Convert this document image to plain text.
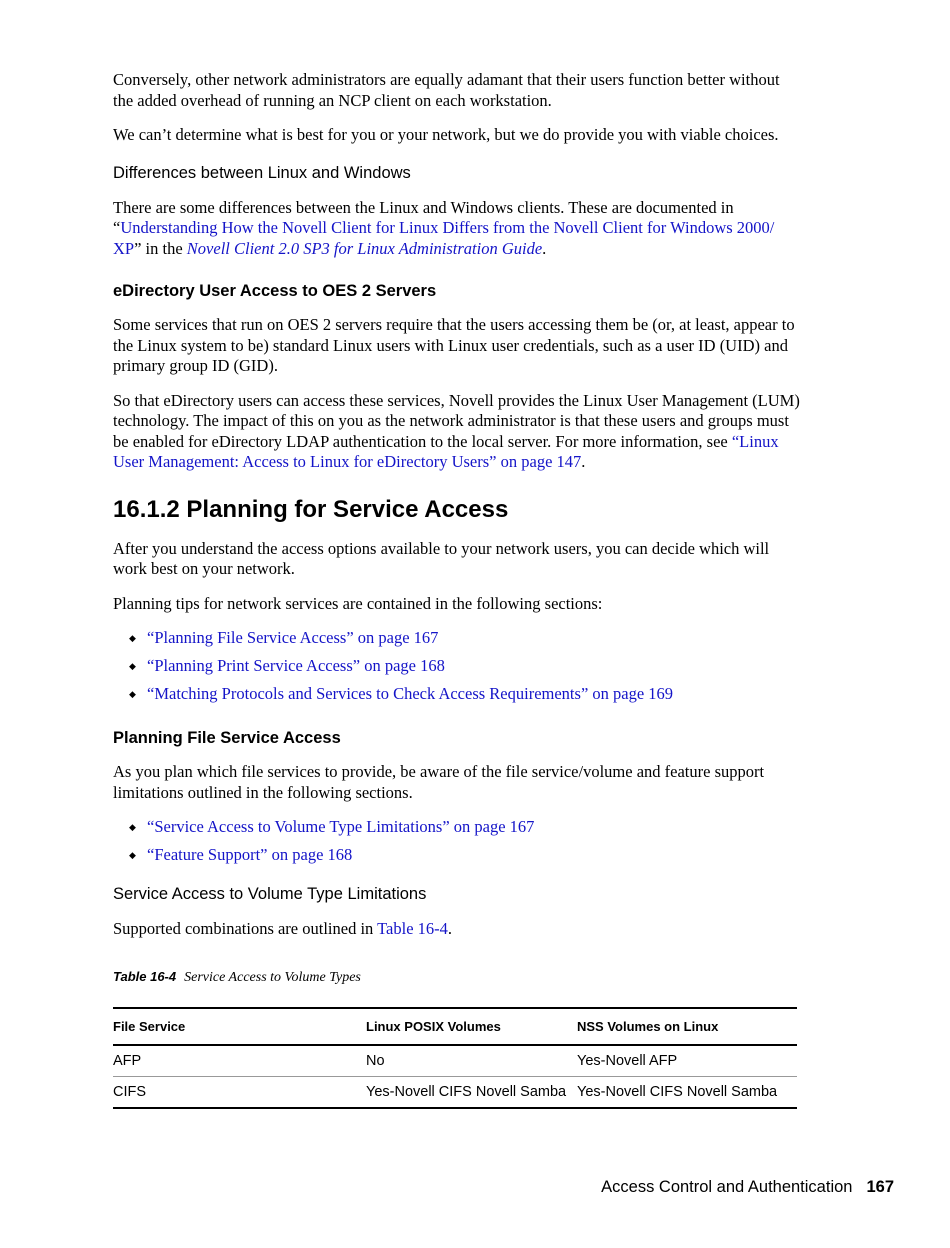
Conversely, other network administrators are equally adamant that their users function better without the added overhead of running an NCP client on each workstation.

We can’t determine what is best for you or your network, but we do provide you with viable choices.

Differences between Linux and Windows

There are some differences between the Linux and Windows clients. These are documented in “Understanding How the Novell Client for Linux Differs from the Novell Client for Windows 2000/ XP” in the Novell Client 2.0 SP3 for Linux Administration Guide.

eDirectory User Access to OES 2 Servers

Some services that run on OES 2 servers require that the users accessing them be (or, at least, appear to the Linux system to be) standard Linux users with Linux user credentials, such as a user ID (UID) and primary group ID (GID).

So that eDirectory users can access these services, Novell provides the Linux User Management (LUM) technology. The impact of this on you as the network administrator is that these users and groups must be enabled for eDirectory LDAP authentication to the local server. For more information, see “Linux User Management: Access to Linux for eDirectory Users” on page 147.

16.1.2 Planning for Service Access

After you understand the access options available to your network users, you can decide which will work best on your network.

Planning tips for network services are contained in the following sections:

◆ “Planning File Service Access” on page 167
◆ “Planning Print Service Access” on page 168
◆ “Matching Protocols and Services to Check Access Requirements” on page 169
Planning File Service Access

As you plan which file services to provide, be aware of the file service/volume and feature support limitations outlined in the following sections.

◆ “Service Access to Volume Type Limitations” on page 167
◆ “Feature Support” on page 168
Service Access to Volume Type Limitations

Supported combinations are outlined in Table 16-4.

Table 16-4 Service Access to Volume Types
File Service	Linux POSIX Volumes	NSS Volumes on Linux
AFP	No	Yes-Novell AFP
CIFS	Yes-Novell CIFS Novell Samba	Yes-Novell CIFS Novell Samba
Access Control and Authentication 167
